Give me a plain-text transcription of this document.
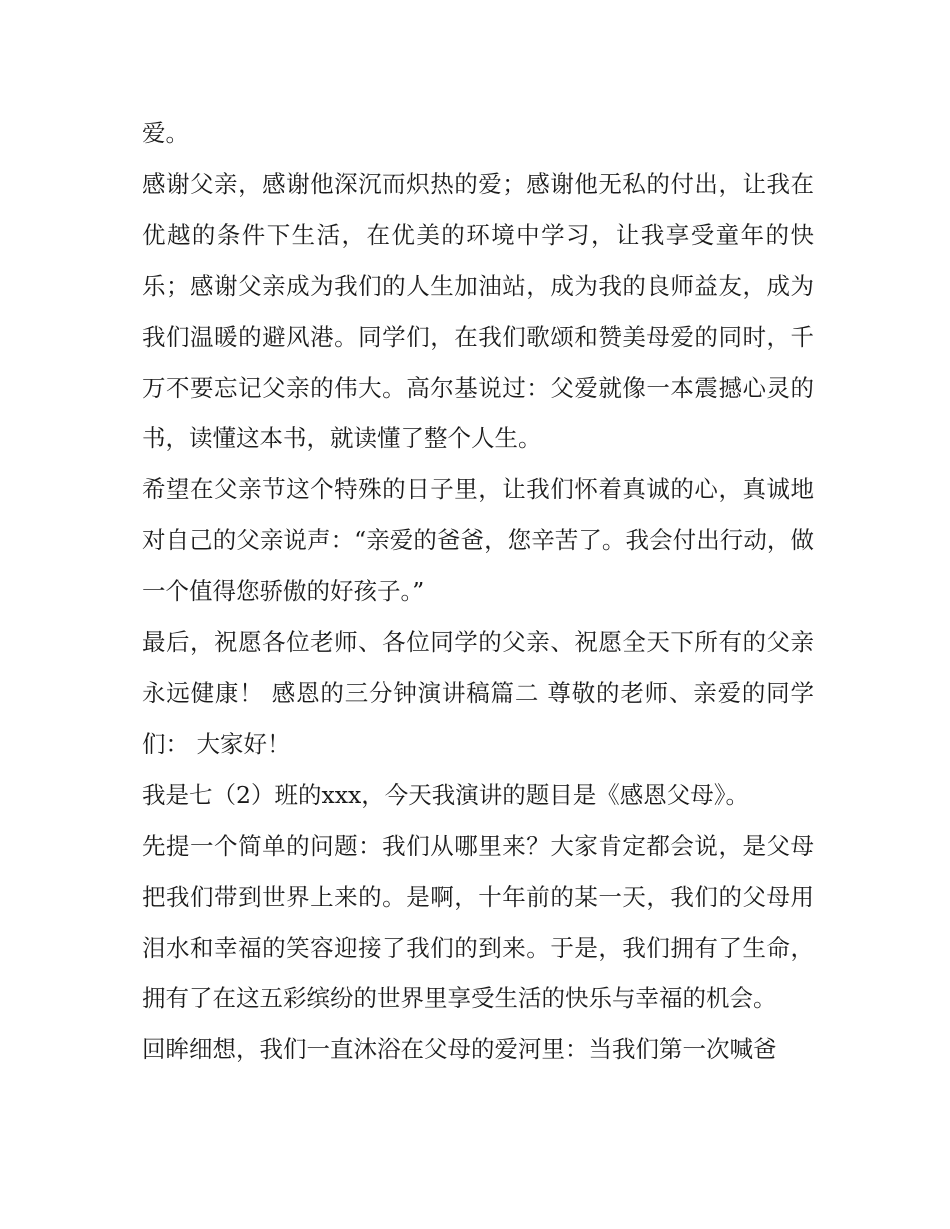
爱。

感谢父亲，感谢他深沉而炽热的爱；感谢他无私的付出，让我在优越的条件下生活，在优美的环境中学习，让我享受童年的快乐；感谢父亲成为我们的人生加油站，成为我的良师益友，成为我们温暖的避风港。同学们，在我们歌颂和赞美母爱的同时，千万不要忘记父亲的伟大。高尔基说过：父爱就像一本震撼心灵的书，读懂这本书，就读懂了整个人生。

希望在父亲节这个特殊的日子里，让我们怀着真诚的心，真诚地对自己的父亲说声：“亲爱的爸爸，您辛苦了。我会付出行动，做一个值得您骄傲的好孩子。”

最后，祝愿各位老师、各位同学的父亲、祝愿全天下所有的父亲永远健康！ 感恩的三分钟演讲稿篇二 尊敬的老师、亲爱的同学们： 大家好！

我是七（2）班的xxx，今天我演讲的题目是《感恩父母》。

先提一个简单的问题：我们从哪里来？大家肯定都会说，是父母把我们带到世界上来的。是啊，十年前的某一天，我们的父母用泪水和幸福的笑容迎接了我们的到来。于是，我们拥有了生命，拥有了在这五彩缤纷的世界里享受生活的快乐与幸福的机会。

回眸细想，我们一直沐浴在父母的爱河里：当我们第一次喊爸
